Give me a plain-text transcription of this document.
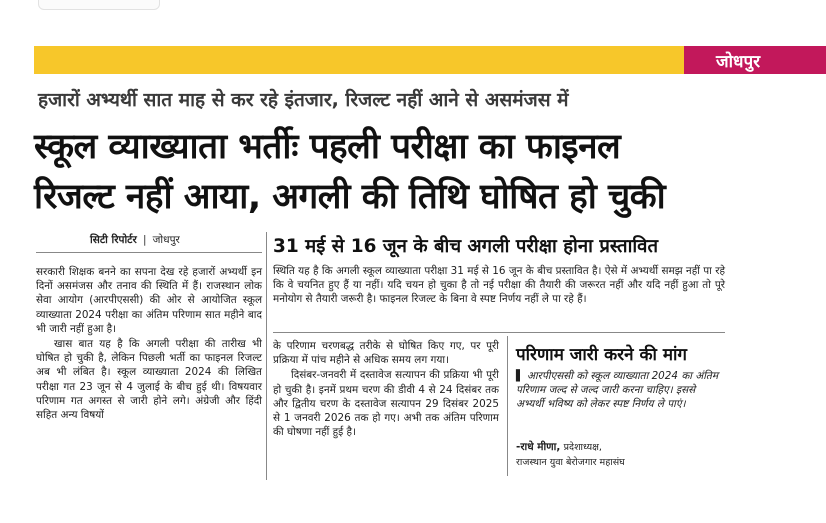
जोधपुर
हजारों अभ्यर्थी सात माह से कर रहे इंतजार, रिजल्ट नहीं आने से असमंजस में
स्कूल व्याख्याता भर्तीः पहली परीक्षा का फाइनल
रिजल्ट नहीं आया, अगली की तिथि घोषित हो चुकी
सिटी रिपोर्टर | जोधपुर

सरकारी शिक्षक बनने का सपना देख रहे हजारों अभ्यर्थी इन दिनों असमंजस और तनाव की स्थिति में हैं। राजस्थान लोक सेवा आयोग (आरपीएससी) की ओर से आयोजित स्कूल व्याख्याता 2024 परीक्षा का अंतिम परिणाम सात महीने बाद भी जारी नहीं हुआ है।

खास बात यह है कि अगली परीक्षा की तारीख भी घोषित हो चुकी है, लेकिन पिछली भर्ती का फाइनल रिजल्ट अब भी लंबित है। स्कूल व्याख्याता 2024 की लिखित परीक्षा गत 23 जून से 4 जुलाई के बीच हुई थी। विषयवार परिणाम गत अगस्त से जारी होने लगे। अंग्रेजी और हिंदी सहित अन्य विषयों

31 मई से 16 जून के बीच अगली परीक्षा होना प्रस्तावित

स्थिति यह है कि अगली स्कूल व्याख्याता परीक्षा 31 मई से 16 जून के बीच प्रस्तावित है। ऐसे में अभ्यर्थी समझ नहीं पा रहे कि वे चयनित हुए हैं या नहीं। यदि चयन हो चुका है तो नई परीक्षा की तैयारी की जरूरत नहीं और यदि नहीं हुआ तो पूरे मनोयोग से तैयारी जरूरी है। फाइनल रिजल्ट के बिना वे स्पष्ट निर्णय नहीं ले पा रहे हैं।

के परिणाम चरणबद्ध तरीके से घोषित किए गए, पर पूरी प्रक्रिया में पांच महीने से अधिक समय लग गया।

दिसंबर-जनवरी में दस्तावेज सत्यापन की प्रक्रिया भी पूरी हो चुकी है। इनमें प्रथम चरण की डीवी 4 से 24 दिसंबर तक और द्वितीय चरण के दस्तावेज सत्यापन 29 दिसंबर 2025 से 1 जनवरी 2026 तक हो गए। अभी तक अंतिम परिणाम की घोषणा नहीं हुई है।

परिणाम जारी करने की मांग
▌ आरपीएससी को स्कूल व्याख्याता 2024 का अंतिम परिणाम जल्द से जल्द जारी करना चाहिए। इससे अभ्यर्थी भविष्य को लेकर स्पष्ट निर्णय ले पाएं।
-राधे मीणा, प्रदेशाध्यक्ष,
राजस्थान युवा बेरोजगार महासंघ
